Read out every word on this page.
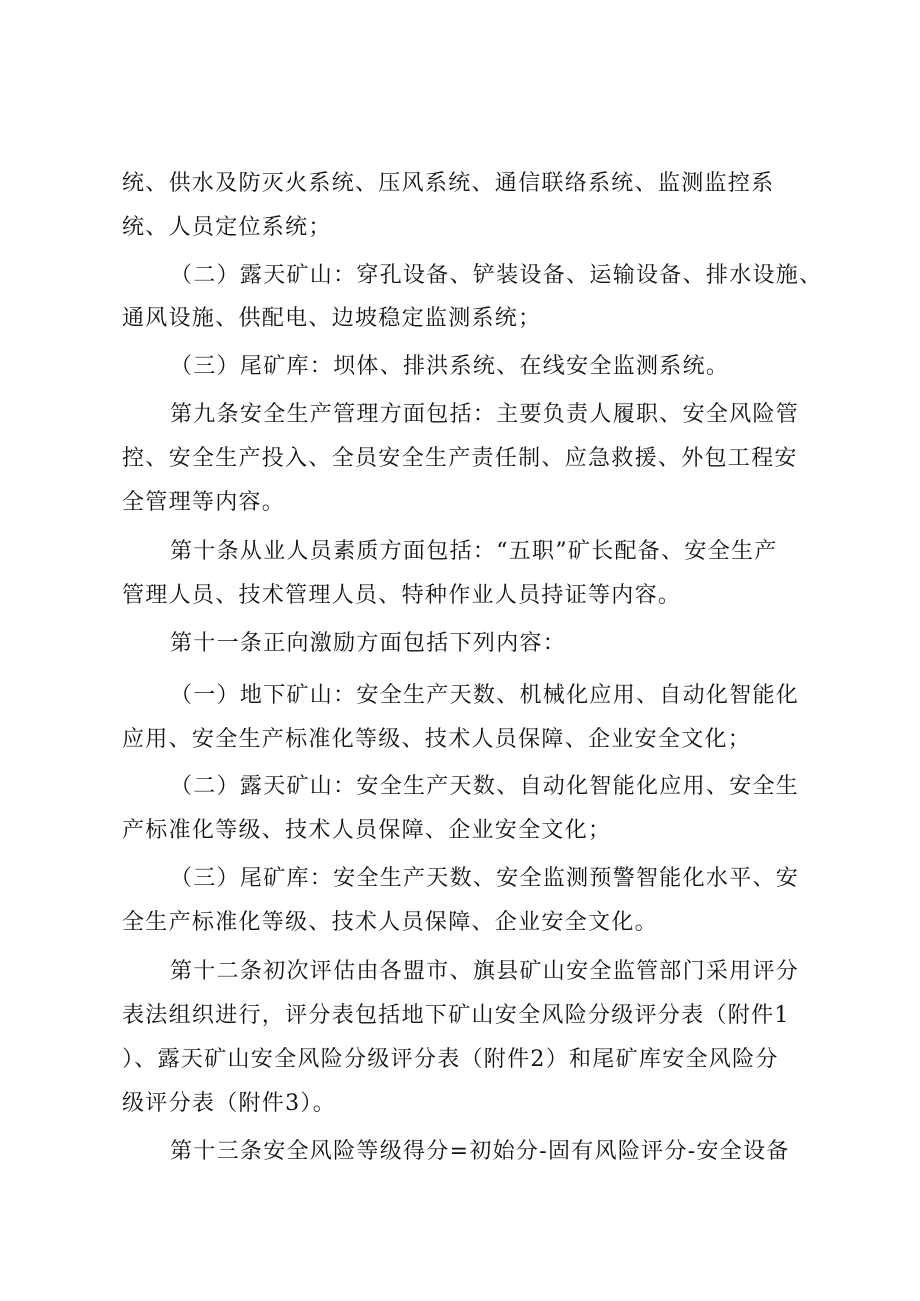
统、供水及防灭火系统、压风系统、通信联络系统、监测监控系
统、人员定位系统；
（二）露天矿山：穿孔设备、铲装设备、运输设备、排水设施、
通风设施、供配电、边坡稳定监测系统；
（三）尾矿库：坝体、排洪系统、在线安全监测系统。
第九条安全生产管理方面包括：主要负责人履职、安全风险管
控、安全生产投入、全员安全生产责任制、应急救援、外包工程安
全管理等内容。
第十条从业人员素质方面包括：“五职”矿长配备、安全生产
管理人员、技术管理人员、特种作业人员持证等内容。
第十一条正向激励方面包括下列内容：
（一）地下矿山：安全生产天数、机械化应用、自动化智能化
应用、安全生产标准化等级、技术人员保障、企业安全文化；
（二）露天矿山：安全生产天数、自动化智能化应用、安全生
产标准化等级、技术人员保障、企业安全文化；
（三）尾矿库：安全生产天数、安全监测预警智能化水平、安
全生产标准化等级、技术人员保障、企业安全文化。
第十二条初次评估由各盟市、旗县矿山安全监管部门采用评分
表法组织进行，评分表包括地下矿山安全风险分级评分表（附件1
）、露天矿山安全风险分级评分表（附件2）和尾矿库安全风险分
级评分表（附件3）。
第十三条安全风险等级得分=初始分-固有风险评分-安全设备
